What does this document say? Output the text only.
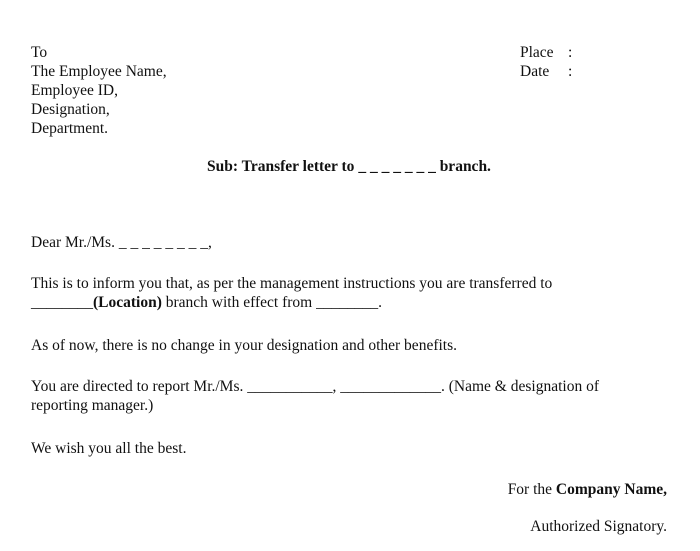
To
The Employee Name,
Employee ID,
Designation,
Department.
Place :
Date	:
Sub: Transfer letter to _ _ _ _ _ _ _ branch.
Dear Mr./Ms. _ _ _ _ _ _ _ _,
This is to inform you that, as per the management instructions you are transferred to
________(Location) branch with effect from ________.
As of now, there is no change in your designation and other benefits.
You are directed to report Mr./Ms. ___________, _____________. (Name & designation of
reporting manager.)
We wish you all the best.
For the Company Name,
Authorized Signatory.
